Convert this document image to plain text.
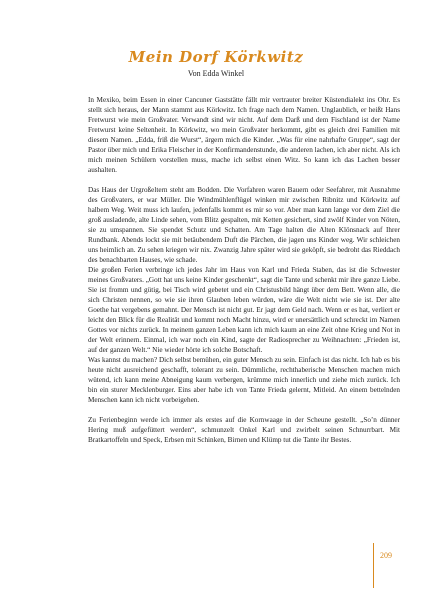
Mein Dorf Körkwitz
Von Edda Winkel

In Mexiko, beim Essen in einer Cancuner Gaststätte fällt mir vertrauter breiter Küstendialekt ins Ohr. Es stellt sich heraus, der Mann stammt aus Körkwitz. Ich frage nach dem Namen. Unglaublich, er heißt Hans Fretwurst wie mein Großvater. Verwandt sind wir nicht. Auf dem Darß und dem Fischland ist der Name Fretwurst keine Seltenheit. In Körkwitz, wo mein Großvater herkommt, gibt es gleich drei Familien mit diesem Namen. „Edda, friß die Wurst“, ärgern mich die Kinder. „Was für eine nahrhafte Gruppe“, sagt der Pastor über mich und Erika Fleischer in der Konfirmandenstunde, die anderen lachen, ich aber nicht. Als ich mich meinen Schülern vorstellen muss, mache ich selbst einen Witz. So kann ich das Lachen besser aushalten.

Das Haus der Urgroßeltern steht am Bodden. Die Vorfahren waren Bauern oder Seefahrer, mit Ausnahme des Großvaters, er war Müller. Die Windmühlenflügel winken mir zwischen Ribnitz und Körkwitz auf halbem Weg. Weit muss ich laufen, jedenfalls kommt es mir so vor. Aber man kann lange vor dem Ziel die groß ausladende, alte Linde sehen, vom Blitz gespalten, mit Ketten gesichert, sind zwölf Kinder von Nöten, sie zu umspannen. Sie spendet Schutz und Schatten. Am Tage halten die Alten Klönsnack auf Ihrer Rundbank. Abends lockt sie mit betäubendem Duft die Pärchen, die jagen uns Kinder weg. Wir schleichen uns heimlich an. Zu sehen kriegen wir nix. Zwanzig Jahre später wird sie geköpft, sie bedroht das Rieddach des benachbarten Hauses, wie schade.

Die großen Ferien verbringe ich jedes Jahr im Haus von Karl und Frieda Staben, das ist die Schwester meines Großvaters. „Gott hat uns keine Kinder geschenkt“, sagt die Tante und schenkt mir ihre ganze Liebe. Sie ist fromm und gütig, bei Tisch wird gebetet und ein Christusbild hängt über dem Bett. Wenn alle, die sich Christen nennen, so wie sie ihren Glauben leben würden, wäre die Welt nicht wie sie ist. Der alte Goethe hat vergebens gemahnt. Der Mensch ist nicht gut. Er jagt dem Geld nach. Wenn er es hat, verliert er leicht den Blick für die Realität und kommt noch Macht hinzu, wird er unersättlich und schreckt im Namen Gottes vor nichts zurück. In meinem ganzen Leben kann ich mich kaum an eine Zeit ohne Krieg und Not in der Welt erinnern. Einmal, ich war noch ein Kind, sagte der Radiosprecher zu Weihnachten: „Frieden ist, auf der ganzen Welt.“ Nie wieder hörte ich solche Botschaft.

Was kannst du machen? Dich selbst bemühen, ein guter Mensch zu sein. Einfach ist das nicht. Ich hab es bis heute nicht ausreichend geschafft, tolerant zu sein. Dümmliche, rechthaberische Menschen machen mich wütend, ich kann meine Abneigung kaum verbergen, krümme mich innerlich und ziehe mich zurück. Ich bin ein sturer Mecklenburger. Eins aber habe ich von Tante Frieda gelernt, Mitleid. An einem bettelnden Menschen kann ich nicht vorbeigehen.

Zu Ferienbeginn werde ich immer als erstes auf die Kornwaage in der Scheune gestellt. „So’n dünner Hering muß aufgefüttert werden“, schmunzelt Onkel Karl und zwirbelt seinen Schnurrbart. Mit Bratkartoffeln und Speck, Erbsen mit Schinken, Birnen und Klümp tut die Tante ihr Bestes.

209
